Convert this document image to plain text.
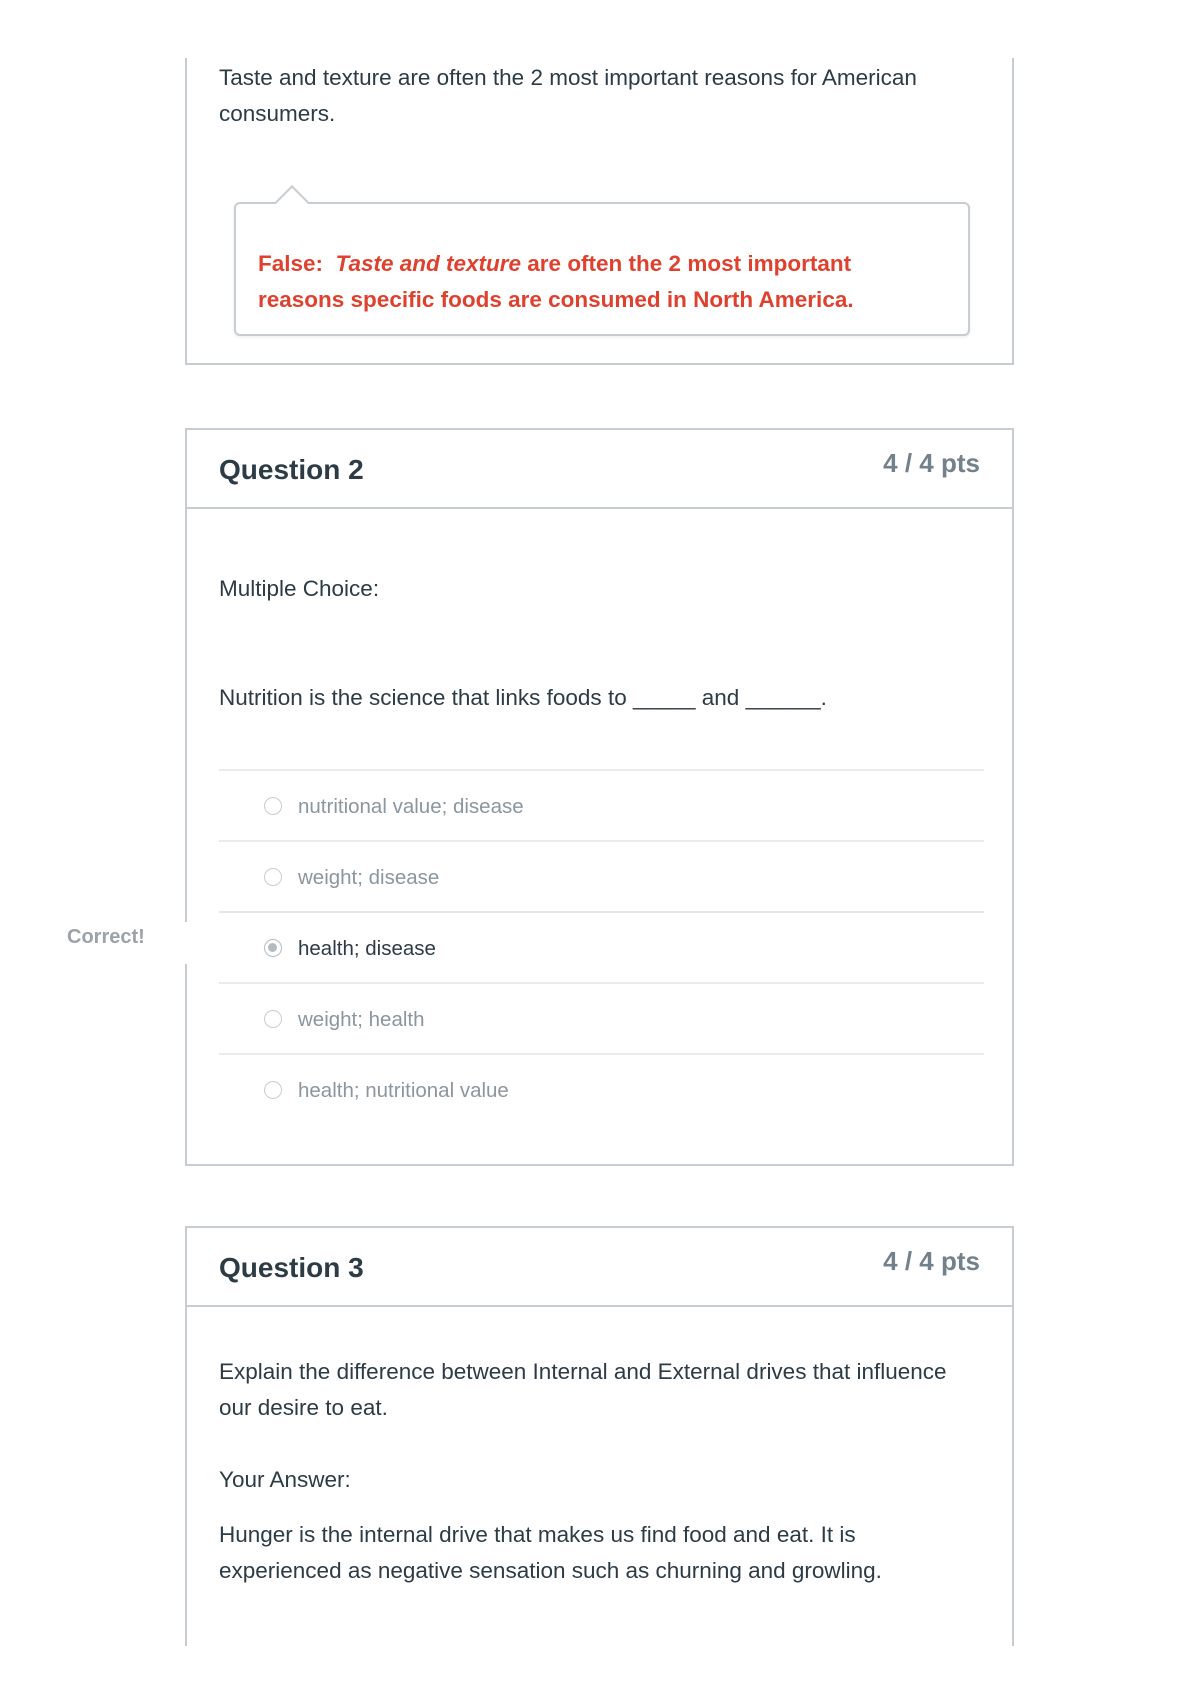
Taste and texture are often the 2 most important reasons for American consumers.
False: Taste and texture are often the 2 most important reasons specific foods are consumed in North America.
Question 2	4 / 4 pts
Multiple Choice:
Nutrition is the science that links foods to _____ and ______.
nutritional value; disease
weight; disease
health; disease
weight; health
health; nutritional value
Correct!
Question 3	4 / 4 pts
Explain the difference between Internal and External drives that influence our desire to eat.
Your Answer:
Hunger is the internal drive that makes us find food and eat. It is experienced as negative sensation such as churning and growling.
